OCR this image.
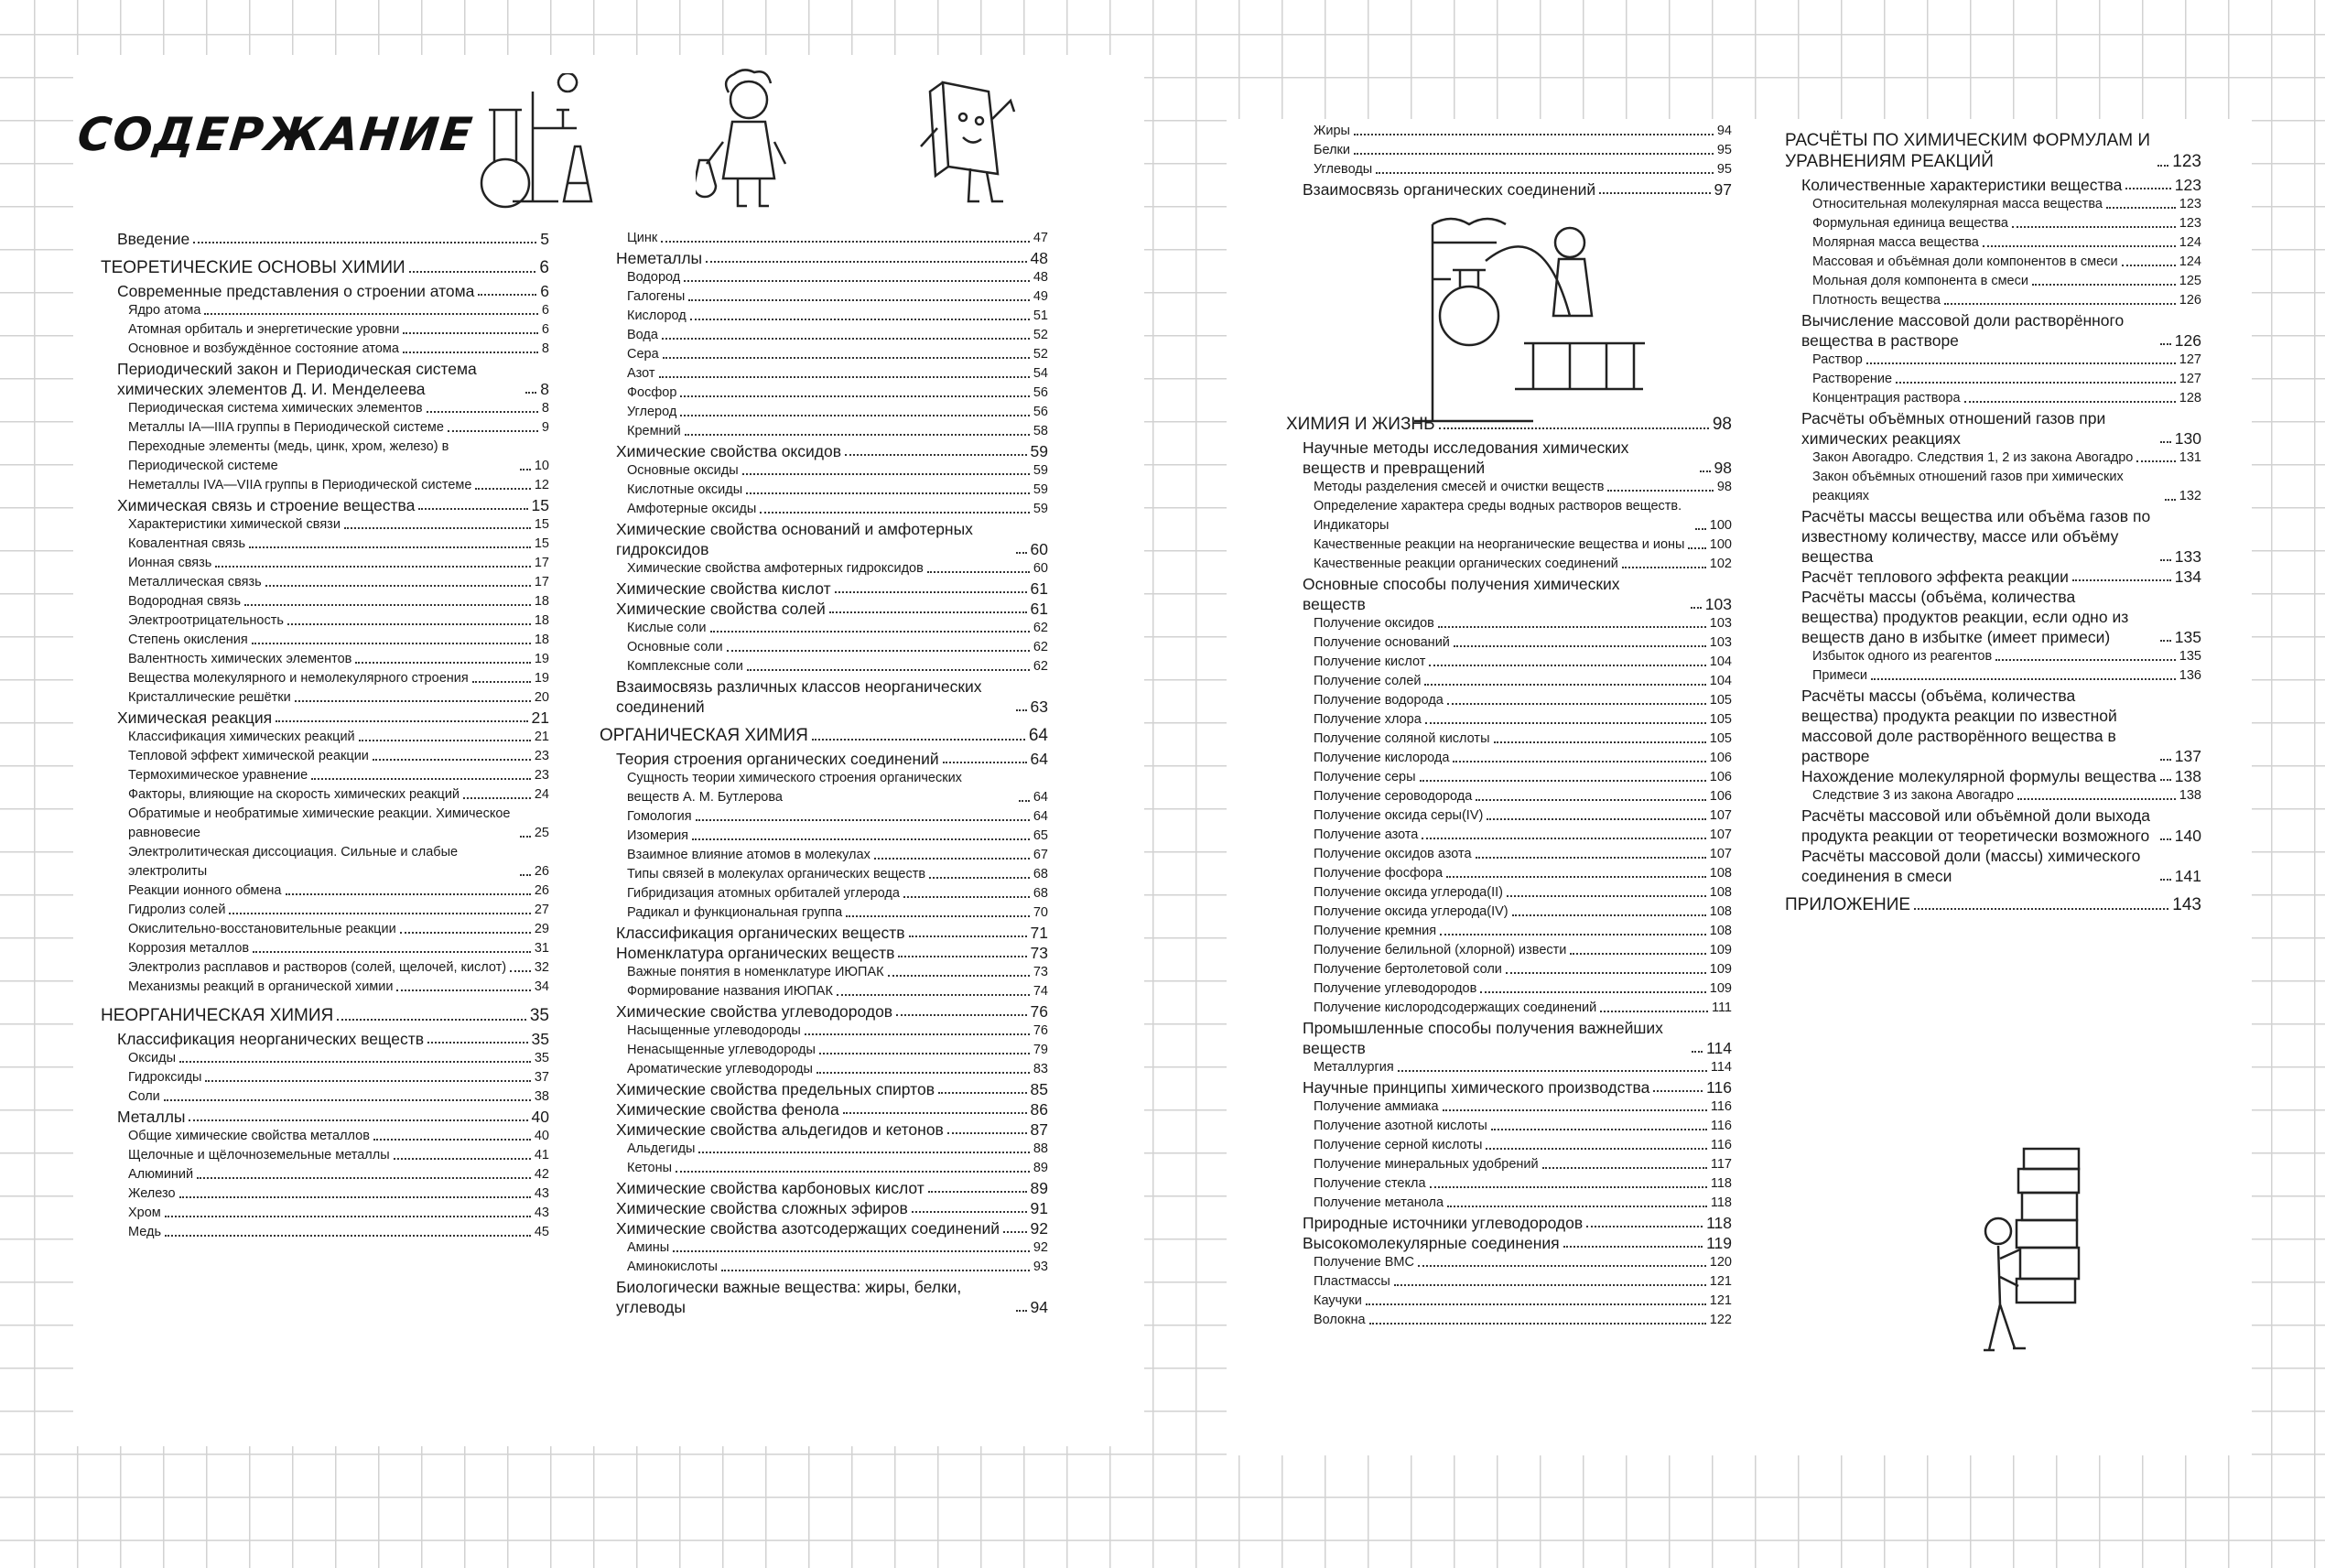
СОДЕРЖАНИЕ
Введение	5
ТЕОРЕТИЧЕСКИЕ ОСНОВЫ ХИМИИ	6
Современные представления о строении атома	6
Ядро атома	6
Атомная орбиталь и энергетические уровни	6
Основное и возбуждённое состояние атома	8
Периодический закон и Периодическая система химических элементов Д. И. Менделеева	8
Периодическая система химических элементов	8
Металлы IA—IIIA группы в Периодической системе	9
Переходные элементы (медь, цинк, хром, железо) в Периодической системе	10
Неметаллы IVA—VIIA группы в Периодической системе	12
Химическая связь и строение вещества	15
Характеристики химической связи	15
Ковалентная связь	15
Ионная связь	17
Металлическая связь	17
Водородная связь	18
Электроотрицательность	18
Степень окисления	18
Валентность химических элементов	19
Вещества молекулярного и немолекулярного строения	19
Кристаллические решётки	20
Химическая реакция	21
Классификация химических реакций	21
Тепловой эффект химической реакции	23
Термохимическое уравнение	23
Факторы, влияющие на скорость химических реакций	24
Обратимые и необратимые химические реакции. Химическое равновесие	25
Электролитическая диссоциация. Сильные и слабые электролиты	26
Реакции ионного обмена	26
Гидролиз солей	27
Окислительно-восстановительные реакции	29
Коррозия металлов	31
Электролиз расплавов и растворов (солей, щелочей, кислот) 32
Механизмы реакций в органической химии	34
НЕОРГАНИЧЕСКАЯ ХИМИЯ	35
Классификация неорганических веществ	35
Оксиды	35
Гидроксиды	37
Соли	38
Металлы	40
Общие химические свойства металлов	40
Щелочные и щёлочноземельные металлы	41
Алюминий	42
Железо	43
Хром	43
Медь	45
Цинк	47
Неметаллы	48
Водород	48
Галогены	49
Кислород	51
Вода	52
Сера	52
Азот	54
Фосфор	56
Углерод	56
Кремний	58
Химические свойства оксидов	59
Основные оксиды	59
Кислотные оксиды	59
Амфотерные оксиды	59
Химические свойства оснований и амфотерных гидроксидов	60
Химические свойства амфотерных гидроксидов	60
Химические свойства кислот	61
Химические свойства солей	61
Кислые соли	62
Основные соли	62
Комплексные соли	62
Взаимосвязь различных классов неорганических соединений	63
ОРГАНИЧЕСКАЯ ХИМИЯ	64
Теория строения органических соединений	64
Сущность теории химического строения органических веществ А. М. Бутлерова	64
Гомология	64
Изомерия	65
Взаимное влияние атомов в молекулах	67
Типы связей в молекулах органических веществ	68
Гибридизация атомных орбиталей углерода	68
Радикал и функциональная группа	70
Классификация органических веществ	71
Номенклатура органических веществ	73
Важные понятия в номенклатуре ИЮПАК	73
Формирование названия ИЮПАК	74
Химические свойства углеводородов	76
Насыщенные углеводороды	76
Ненасыщенные углеводороды	79
Ароматические углеводороды	83
Химические свойства предельных спиртов	85
Химические свойства фенола	86
Химические свойства альдегидов и кетонов	87
Альдегиды	88
Кетоны	89
Химические свойства карбоновых кислот	89
Химические свойства сложных эфиров	91
Химические свойства азотсодержащих соединений 92
Амины	92
Аминокислоты	93
Биологически важные вещества: жиры, белки, углеводы	94
Жиры	94
Белки	95
Углеводы	95
Взаимосвязь органических соединений	97
ХИМИЯ И ЖИЗНЬ	98
Научные методы исследования химических веществ и превращений	98
Методы разделения смесей и очистки веществ	98
Определение характера среды водных растворов веществ. Индикаторы	100
Качественные реакции на неорганические вещества и ионы 100
Качественные реакции органических соединений	102
Основные способы получения химических веществ	103
Получение оксидов	103
Получение оснований	103
Получение кислот	104
Получение солей	104
Получение водорода	105
Получение хлора	105
Получение соляной кислоты	105
Получение кислорода	106
Получение серы	106
Получение сероводорода	106
Получение оксида серы(IV)	107
Получение азота	107
Получение оксидов азота	107
Получение фосфора	108
Получение оксида углерода(II)	108
Получение оксида углерода(IV)	108
Получение кремния	108
Получение белильной (хлорной) извести	109
Получение бертолетовой соли	109
Получение углеводородов	109
Получение кислородсодержащих соединений	111
Промышленные способы получения важнейших веществ	114
Металлургия	114
Научные принципы химического производства	116
Получение аммиака	116
Получение азотной кислоты	116
Получение серной кислоты	116
Получение минеральных удобрений	117
Получение стекла	118
Получение метанола	118
Природные источники углеводородов	118
Высокомолекулярные соединения	119
Получение ВМС	120
Пластмассы	121
Каучуки	121
Волокна	122
РАСЧЁТЫ ПО ХИМИЧЕСКИМ ФОРМУЛАМ И УРАВНЕНИЯМ РЕАКЦИЙ	123
Количественные характеристики вещества	123
Относительная молекулярная масса вещества	123
Формульная единица вещества	123
Молярная масса вещества	124
Массовая и объёмная доли компонентов в смеси	124
Мольная доля компонента в смеси	125
Плотность вещества	126
Вычисление массовой доли растворённого вещества в растворе	126
Раствор	127
Растворение	127
Концентрация раствора	128
Расчёты объёмных отношений газов при химических реакциях	130
Закон Авогадро. Следствия 1, 2 из закона Авогадро	131
Закон объёмных отношений газов при химических реакциях	132
Расчёты массы вещества или объёма газов по известному количеству, массе или объёму вещества	133
Расчёт теплового эффекта реакции	134
Расчёты массы (объёма, количества вещества) продуктов реакции, если одно из веществ дано в избытке (имеет примеси)	135
Избыток одного из реагентов	135
Примеси	136
Расчёты массы (объёма, количества вещества) продукта реакции по известной массовой доле растворённого вещества в растворе	137
Нахождение молекулярной формулы вещества 138
Следствие 3 из закона Авогадро	138
Расчёты массовой или объёмной доли выхода продукта реакции от теоретически возможного	140
Расчёты массовой доли (массы) химического соединения в смеси	141
ПРИЛОЖЕНИЕ	143
